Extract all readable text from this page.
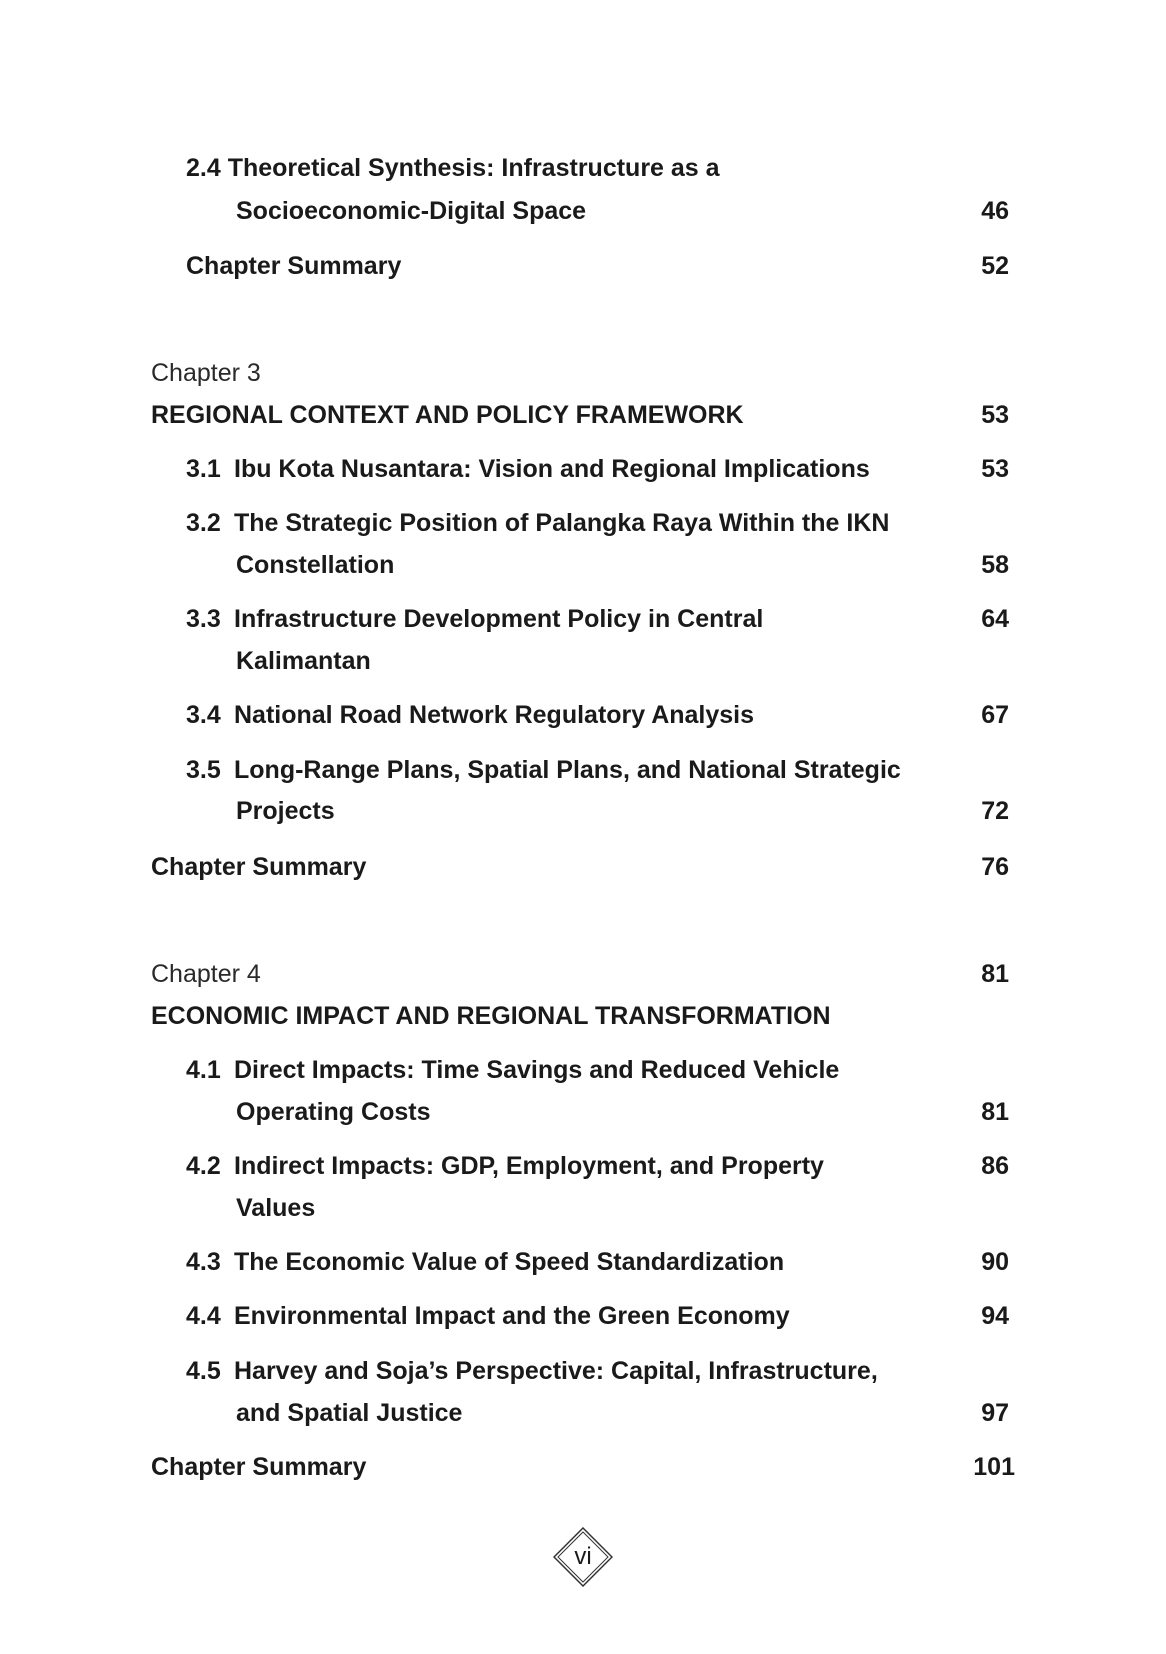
2.4 Theoretical Synthesis: Infrastructure as a
Socioeconomic-Digital Space	46
Chapter Summary	52
Chapter 3
REGIONAL CONTEXT AND POLICY FRAMEWORK	53
3.1 Ibu Kota Nusantara: Vision and Regional Implications	53
3.2 The Strategic Position of Palangka Raya Within the IKN
Constellation	58
3.3 Infrastructure Development Policy in Central	64
Kalimantan
3.4 National Road Network Regulatory Analysis	67
3.5 Long-Range Plans, Spatial Plans, and National Strategic
Projects	72
Chapter Summary	76
Chapter 4	81
ECONOMIC IMPACT AND REGIONAL TRANSFORMATION
4.1 Direct Impacts: Time Savings and Reduced Vehicle
Operating Costs	81
4.2 Indirect Impacts: GDP, Employment, and Property	86
Values
4.3 The Economic Value of Speed Standardization	90
4.4 Environmental Impact and the Green Economy	94
4.5 Harvey and Soja’s Perspective: Capital, Infrastructure,
and Spatial Justice	97
Chapter Summary	101
vi
